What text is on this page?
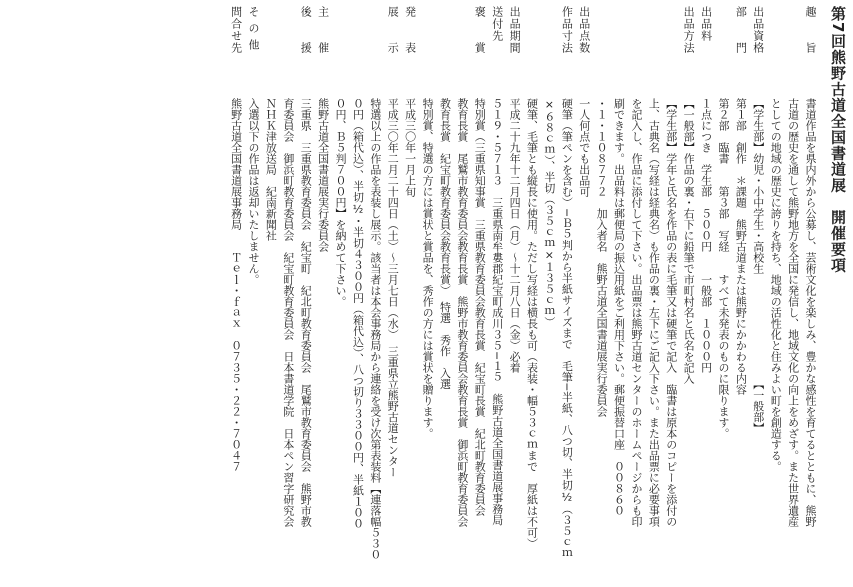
第7回熊野古道全国書道展　開催要項
趣　　旨
書道作品を県内外から公募し、芸術文化を楽しみ、豊かな感性を育てるとともに、熊野
古道の歴史を通して熊野地方を全国に発信し、地域文化の向上をめざす。また世界遺産
としての地域の歴史に誇りを持ち、地域の活性化と住みよい町を創造する。
出品資格
【学生部】幼児・小中学生・高校生　　　　　　　　　　【一般部】
部　　門
第１部　創作　＊課題　熊野古道または熊野にかかわる内容
第２部　臨書　　第３部　写経　　すべて未発表のものに限ります。
出品料
１点につき　学生部　５００円　　一般部　１０００円
出品方法
【一般部】作品の裏・右下に鉛筆で市町村名と氏名を記入
【学生部】学年と氏名を作品の表に毛筆又は硬筆で記入　臨書は原本のコピーを添付の
上、古典名（写経は経典名）も作品の裏・左下にご記入下さい。また出品票に必要事項
を記入し、作品に添付して下さい。出品票は熊野古道センターのホームページからも印
刷できます。出品料は郵便局の振込用紙をご利用下さい。郵便振替口座　００８６０
・１・１０８７７２　加入者名　熊野古道全国書道展実行委員会
出品点数
一人何点でも出品可
作品寸法
硬筆（筆ペンを含む）−Ｂ５判から半紙サイズまで　毛筆−半紙、八つ切、半切½（３５ｃｍ
×６８ｃｍ）、半切（３５ｃｍ×１３５ｃｍ）
硬筆、毛筆とも縦長に使用。ただし写経は横長も可（表装・幅５３ｃｍまで　厚紙は不可）
出品期間
平成二十九年十二月四日（月）〜十二月八日（金）必着
送付先
５１９・５７１３　三重県南牟婁郡紀宝町成川３５−１５　熊野古道全国書道展事務局
褒　　賞
特別賞（三重県知事賞　三重県教育委員会教育長賞　紀宝町長賞　紀北町教育委員会
教育長賞　尾鷲市教育委員会教育長賞　熊野市教育委員会教育長賞　御浜町教育委員会
教育長賞　紀宝町教育委員会教育長賞）　特選　秀作　入選
特別賞、特選の方には賞状と賞品を、秀作の方には賞状を贈ります。
発　　表
平成三〇年一月上旬
展　　示
平成三〇年二月二十四日（土）〜三月七日（水）　三重県立熊野古道センター
特選以上の作品を表装し展示。該当者は本会事務局から連絡を受け次第表装料【連落幅５３０
０円（箱代込）、半切½・半切４３００円（箱代込）、八つ切り３３００円、半紙１００
０円、Ｂ５判７００円】を納めて下さい。
主　　催
熊野古道全国書道展実行委員会
後　　援
三重県　三重県教育委員会　紀宝町　紀北町教育委員会　尾鷲市教育委員会　熊野市教
育委員会　御浜町教育委員会　紀宝町教育委員会　日本書道学院　日本ペン習字研究会
ＮＨＫ津放送局　紀南新聞社
そ の 他
入選以下の作品は返却いたしません。
問合せ先
熊野古道全国書道展事務局　　Ｔｅｌ・ｆａｘ　０７３５・２２・７０４７
